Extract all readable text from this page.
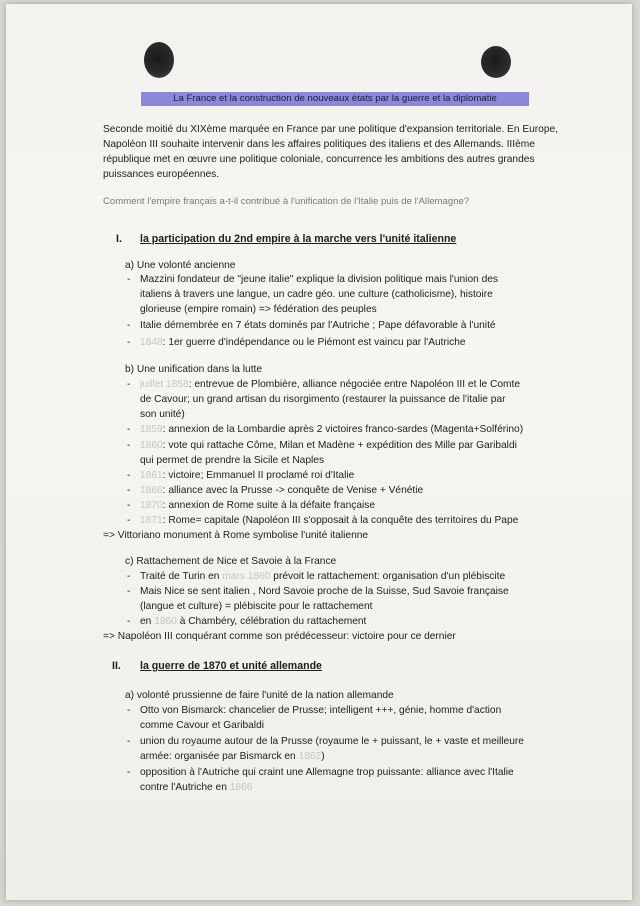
La France et la construction de nouveaux états par la guerre et la diplomatie
Seconde moitié du XIXème marquée en France par une politique d'expansion territoriale. En Europe, Napoléon III souhaite intervenir dans les affaires politiques des italiens et des Allemands. IIIème république met en œuvre une politique coloniale, concurrence les ambitions des autres grandes puissances européennes.
Comment l'empire français a-t-il contribué à l'unification de l'Italie puis de l'Allemagne?
I. la participation du 2nd empire à la marche vers l'unité italienne
a) Une volonté ancienne
- Mazzini fondateur de "jeune italie" explique la division politique mais l'union des
italiens à travers une langue, un cadre géo. une culture (catholicisme), histoire
glorieuse (empire romain) => fédération des peuples
- Italie démembrée en 7 états dominés par l'Autriche ; Pape défavorable à l'unité
- 1848: 1er guerre d'indépendance ou le Piémont est vaincu par l'Autriche
b) Une unification dans la lutte
- juillet 1858: entrevue de Plombière, alliance négociée entre Napoléon III et le Comte
de Cavour; un grand artisan du risorgimento (restaurer la puissance de l'italie par
son unité)
- 1859: annexion de la Lombardie après 2 victoires franco-sardes (Magenta+Solférino)
- 1860: vote qui rattache Côme, Milan et Madène + expédition des Mille par Garibaldi
qui permet de prendre la Sicile et Naples
- 1861: victoire; Emmanuel II proclamé roi d'Italie
- 1866: alliance avec la Prusse -> conquête de Venise + Vénétie
- 1870: annexion de Rome suite à la défaite française
- 1871: Rome= capitale (Napoléon III s'opposait à la conquête des territoires du Pape
=> Vittoriano monument à Rome symbolise l'unité italienne
c) Rattachement de Nice et Savoie à la France
- Traité de Turin en mars 1860 prévoit le rattachement: organisation d'un plébiscite
- Mais Nice se sent italien , Nord Savoie proche de la Suisse, Sud Savoie française
(langue et culture) = plébiscite pour le rattachement
- en 1860 à Chambéry, célébration du rattachement
=> Napoléon III conquérant comme son prédécesseur: victoire pour ce dernier
II. la guerre de 1870 et unité allemande
a) volonté prussienne de faire l'unité de la nation allemande
- Otto von Bismarck: chancelier de Prusse; intelligent +++, génie, homme d'action
comme Cavour et Garibaldi
- union du royaume autour de la Prusse (royaume le + puissant, le + vaste et meilleure
armée: organisée par Bismarck en 1862)
- opposition à l'Autriche qui craint une Allemagne trop puissante: alliance avec l'Italie
contre l'Autriche en 1866
